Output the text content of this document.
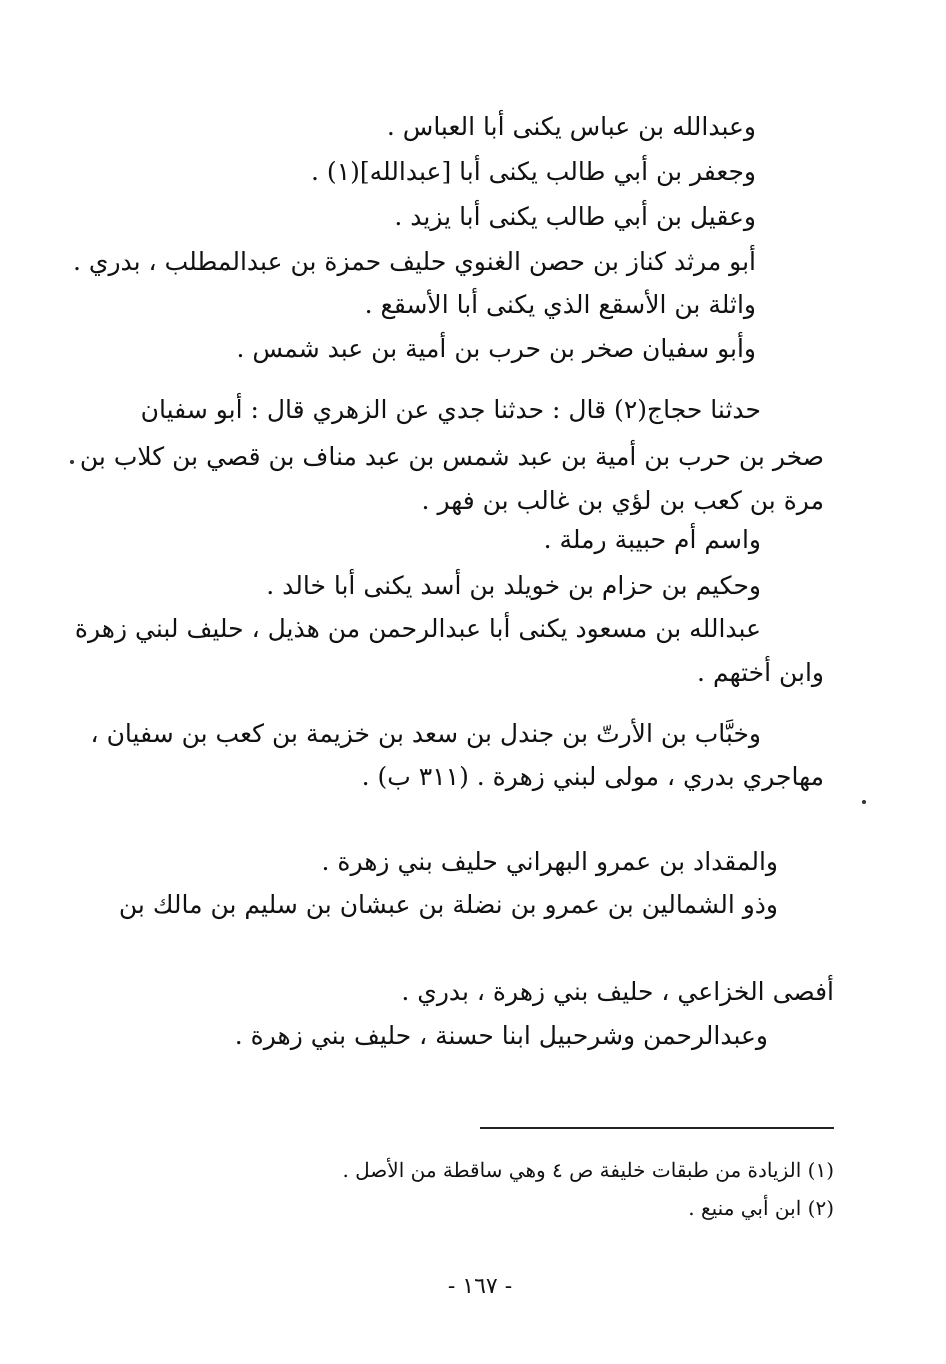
وعبدالله بن عباس يكنى أبا العباس .
وجعفر بن أبي طالب يكنى أبا [عبدالله](١) .
وعقيل بن أبي طالب يكنى أبا يزيد .
أبو مرثد كناز بن حصن الغنوي حليف حمزة بن عبدالمطلب ، بدري .
واثلة بن الأسقع الذي يكنى أبا الأسقع .
وأبو سفيان صخر بن حرب بن أمية بن عبد شمس .
حدثنا حجاج(٢) قال : حدثنا جدي عن الزهري قال : أبو سفيان
صخر بن حرب بن أمية بن عبد شمس بن عبد مناف بن قصي بن كلاب بن
مرة بن كعب بن لؤي بن غالب بن فهر .
واسم أم حبيبة رملة .
وحكيم بن حزام بن خويلد بن أسد يكنى أبا خالد .
عبدالله بن مسعود يكنى أبا عبدالرحمن من هذيل ، حليف لبني زهرة
وابن أختهم .
وخبَّاب بن الأرتّ بن جندل بن سعد بن خزيمة بن كعب بن سفيان ،
مهاجري بدري ، مولى لبني زهرة . (٣١١ ب) .
والمقداد بن عمرو البهراني حليف بني زهرة .
وذو الشمالين بن عمرو بن نضلة بن عبشان بن سليم بن مالك بن
أفصى الخزاعي ، حليف بني زهرة ، بدري .
وعبدالرحمن وشرحبيل ابنا حسنة ، حليف بني زهرة .
(١) الزيادة من طبقات خليفة ص ٤ وهي ساقطة من الأصل .
(٢) ابن أبي منيع .
- ١٦٧ -
